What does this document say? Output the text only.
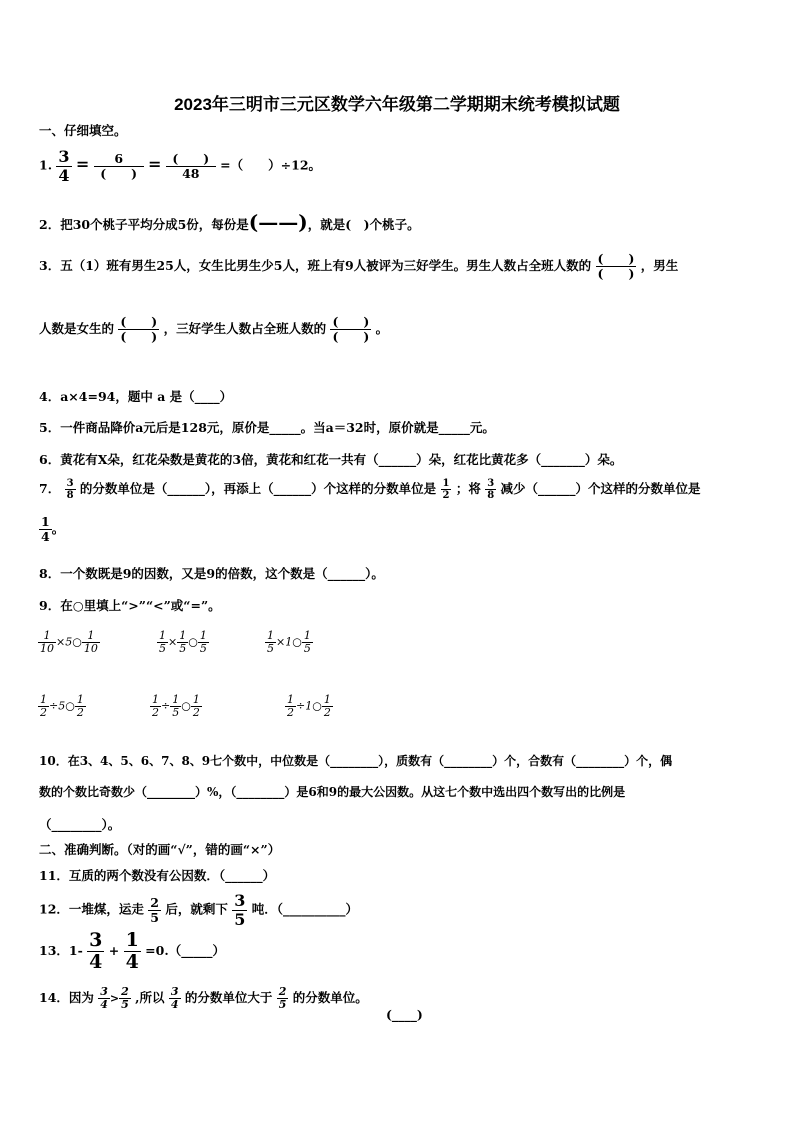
2023年三明市三元区数学六年级第二学期期末统考模拟试题
一、仔细填空。
1. $\frac{3}{4} = \frac{6}{( )} = \frac{( )}{48}$ =（　　）÷12。
2．把30个桃子平均分成5份，每份是(——)，就是(　)个桃子。
3．五（1）班有男生25人，女生比男生少5人，班上有9人被评为三好学生。男生人数占全班人数的 $\frac{( )}{( )}$ ，男生
人数是女生的 $\frac{( )}{( )}$ ，三好学生人数占全班人数的 $\frac{( )}{( )}$ 。
4．a×4=94，题中 a 是（____）
5．一件商品降价a元后是128元，原价是_____。当a＝32时，原价就是_____元。
6．黄花有X朵，红花朵数是黄花的3倍，黄花和红花一共有（______）朵，红花比黄花多（_______）朵。
7． $\frac{3}{8}$ 的分数单位是（______），再添上（______）个这样的分数单位是 $\frac{1}{2}$ ；将 $\frac{3}{8}$ 减少（______）个这样的分数单位是
$\frac{1}{4}$ 。
8．一个数既是9的因数，又是9的倍数，这个数是（______）。
9．在○里填上“>”“<”或“=”。
$\frac{1}{10}$ ×5○ $\frac{1}{10}$	$\frac{1}{5} \times \frac{1}{5}$ ○ $\frac{1}{5}$	$\frac{1}{5}$ ×1○ $\frac{1}{5}$
$\frac{1}{2}$ ÷5○ $\frac{1}{2}$	$\frac{1}{2} \div \frac{1}{5}$ ○ $\frac{1}{2}$	$\frac{1}{2}$ ÷1○ $\frac{1}{2}$
10．在3、4、5、6、7、8、9七个数中，中位数是（________），质数有（________）个，合数有（________）个，偶
数的个数比奇数少（________）%，（________）是6和9的最大公因数。从这七个数中选出四个数写出的比例是
（________）。
二、准确判断。（对的画“√”，错的画“×”）
11．互质的两个数没有公因数．（______）
12．一堆煤，运走 $\frac{2}{5}$ 后，就剩下 $\frac{3}{5}$ 吨．（__________）
13．$1- \frac{3}{4} + \frac{1}{4}$ =0.（_____）
14．因为 $\frac{3}{4} > \frac{2}{5}$ ,所以 $\frac{3}{4}$ 的分数单位大于 $\frac{2}{5}$ 的分数单位。
(____)
